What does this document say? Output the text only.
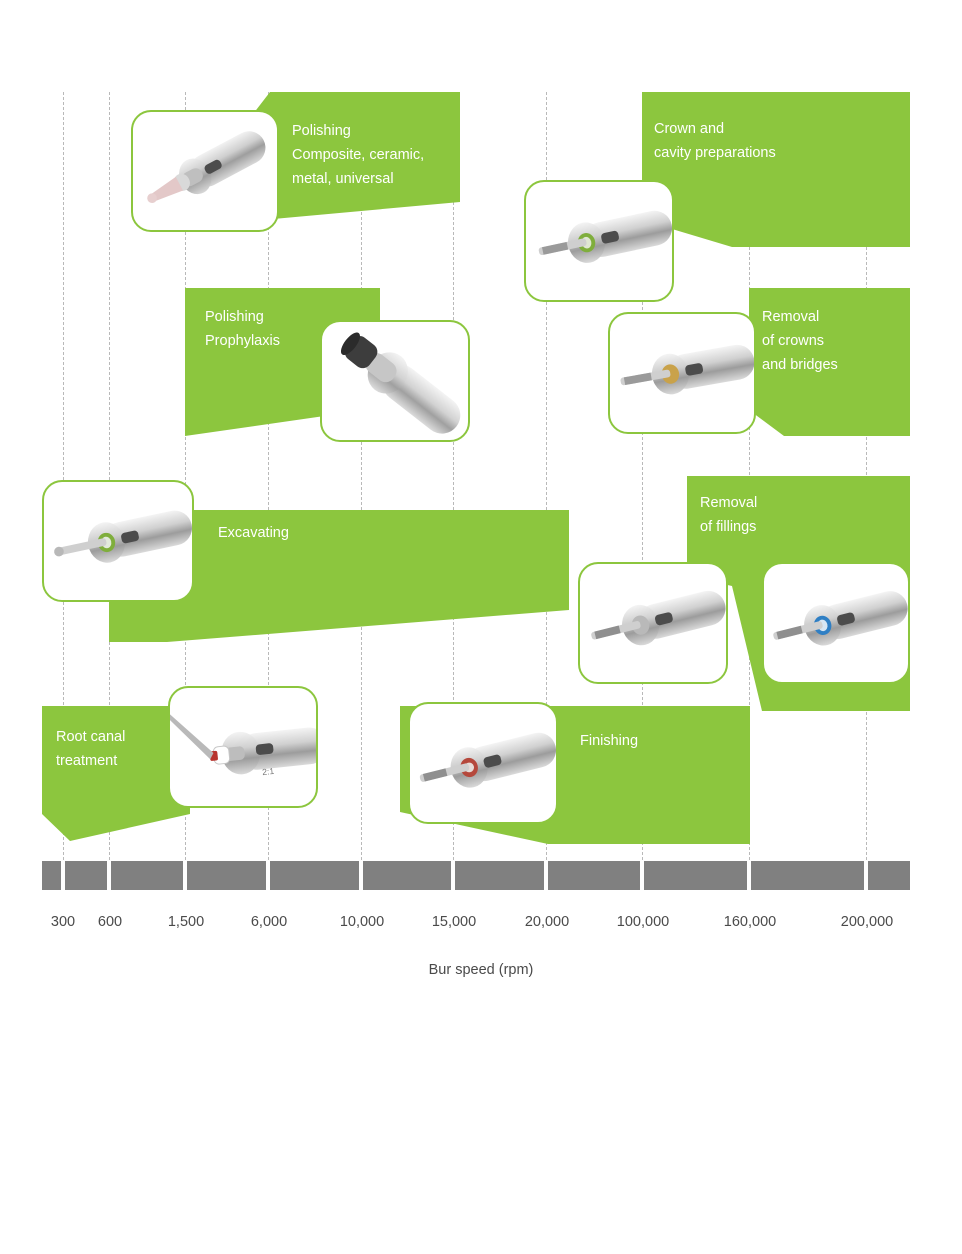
Polishing
Composite, ceramic,
metal, universal
Crown and
cavity preparations
Polishing
Prophylaxis
Removal
of crowns
and bridges
Excavating
Removal
of fillings
Root canal
treatment
Finishing
2:1
300 600	1,500	6,000	10,000	15,000	20,000	100,000	160,000	200,000
Bur speed (rpm)
